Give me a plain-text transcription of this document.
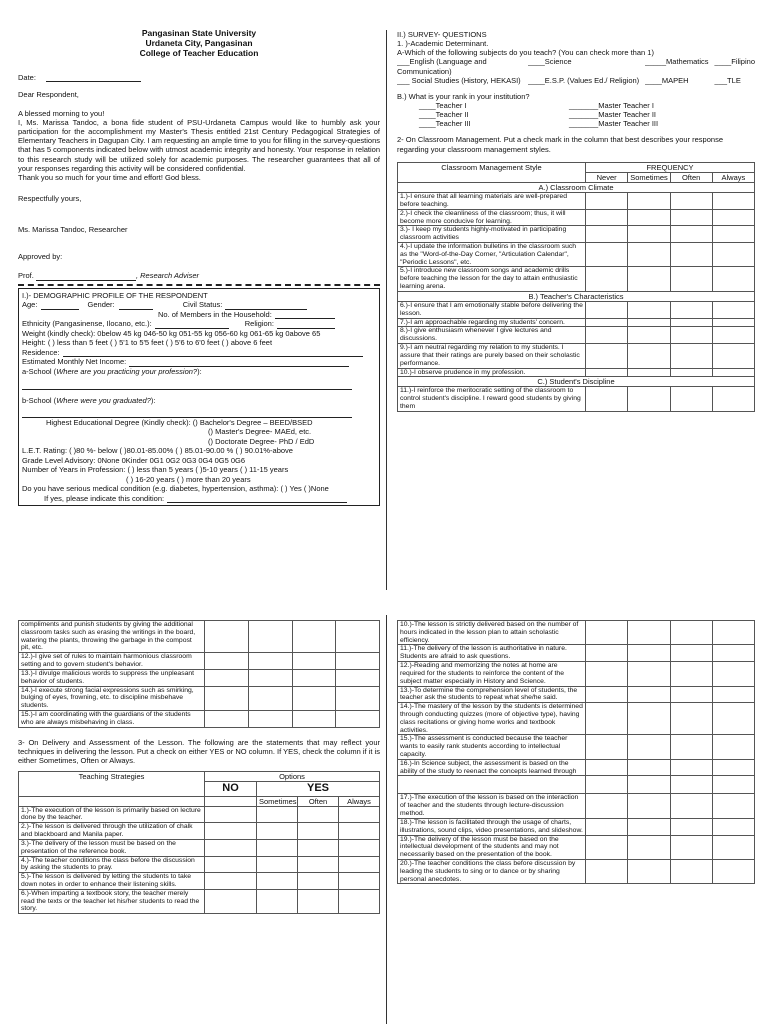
Pangasinan State University
Urdaneta City, Pangasinan
College of Teacher Education
Date:
Dear Respondent,
A blessed morning to you!
I, Ms. Marissa Tandoc, a bona fide student of PSU-Urdaneta Campus would like to humbly ask your participation for the accomplishment my Master's Thesis entitled 21st Century Pedagogical Strategies of Elementary Teachers in Dagupan City. I am requesting an ample time to you for filling in the survey-questions that has 5 components indicated below with utmost academic integrity and honesty. Your response in relation to this research study will be utilized solely for academic purposes. The researcher guarantees that all of your responses regarding this activity will be considered confidential.
Thank you so much for your time and effort! God bless.
Respectfully yours,
Ms. Marissa Tandoc, Researcher
Approved by:
Prof.	, Research Adviser
I.)- DEMOGRAPHIC PROFILE OF THE RESPONDENT
Age:	Gender:	Civil Status:
No. of Members in the Household:
Ethnicity (Pangasinense, Ilocano, etc.):	Religion:
Weight (kindly check): 0below 45 kg 046-50 kg 051-55 kg 056-60 kg 061-65 kg 0above 65
Height: ( ) less than 5 feet ( ) 5'1 to 5'5 feet ( ) 5'6 to 6'0 feet ( ) above 6 feet
Residence:
Estimated Monthly Net Income:
a-School (Where are you practicing your profession?):
b-School (Where were you graduated?):
Highest Educational Degree (Kindly check): () Bachelor's Degree – BEED/BSED
() Master's Degree- MAEd, etc.
() Doctorate Degree- PhD / EdD
L.E.T. Rating: ( )80 %- below ( )80.01-85.00% ( ) 85.01-90.00 % ( ) 90.01%-above
Grade Level Advisory: 0None 0Kinder 0G1 0G2 0G3 0G4 0G5 0G6
Number of Years in Profession: ( ) less than 5 years ( )5-10 years ( ) 11-15 years
( ) 16-20 years ( ) more than 20 years
Do you have serious medical condition (e.g. diabetes, hypertension, asthma): ( ) Yes ( )None
If yes, please indicate this condition:
II.) SURVEY- QUESTIONS
1. )-Academic Determinant.
A-Which of the following subjects do you teach? (You can check more than 1)
___English (Language and Communication)
____Science	_____Mathematics ____Filipino
___ Social Studies (History, HEKASI) ____E.S.P. (Values Ed./ Religion) ____MAPEH	___TLE
B.) What is your rank in your institution?
____Teacher I	_______Master Teacher I
____Teacher II	_______Master Teacher II
____Teacher III	_______Master Teacher III
2- On Classroom Management. Put a check mark in the column that best describes your response regarding your classroom management styles.
Classroom Management Style	FREQUENCY			
	Never	Sometimes	Often	Always
A.) Classroom Climate				
1.)-I ensure that all learning materials are well-prepared before teaching.				
2.)-I check the cleanliness of the classroom; thus, it will become more conducive for learning.				
3.)- I keep my students highly-motivated in participating classroom activities				
4.)-I update the information bulletins in the classroom such as the "Word-of-the-Day Corner, "Articulation Calendar", "Periodic Lessons", etc.				
5.)-I introduce new classroom songs and academic drills before teaching the lesson for the day to attain enthusiastic learning arena.				
B.) Teacher's Characteristics				
6.)-I ensure that I am emotionally stable before delivering the lesson.				
7.)-I am approachable regarding my students' concern.				
8.)-I give enthusiasm whenever I give lectures and discussions.				
9.)-I am neutral regarding my relation to my students. I assure that their ratings are purely based on their scholastic performance.				
10.)-I observe prudence in my profession.				
C.) Student's Discipline				
11.)-I reinforce the meritocratic setting of the classroom to control student's discipline. I reward good students by giving them				
compliments and punish students by giving the additional classroom tasks such as erasing the writings in the board, watering the plants, throwing the garbage in the compost pit, etc.				
12.)-I give set of rules to maintain harmonious classroom setting and to govern student's behavior.				
13.)-I divulge malicious words to suppress the unpleasant behavior of students.				
14.)-I execute strong facial expressions such as smirking, bulging of eyes, frowning, etc. to discipline misbehave students.				
15.)-I am coordinating with the guardians of the students who are always misbehaving in class.				
3- On Delivery and Assessment of the Lesson. The following are the statements that may reflect your techniques in delivering the lesson. Put a check on either YES or NO column. If YES, check the column if it is either Sometimes, Often or Always.
Teaching Strategies	Options			
	NO	YES		
		Sometimes	Often	Always
1.)-The execution of the lesson is primarily based on lecture done by the teacher.				
2.)-The lesson is delivered through the utilization of chalk and blackboard and Manila paper.				
3.)-The delivery of the lesson must be based on the presentation of the reference book.				
4.)-The teacher conditions the class before the discussion by asking the students to pray.				
5.)-The lesson is delivered by letting the students to take down notes in order to enhance their listening skills.				
6.)-When imparting a textbook story, the teacher merely read the texts or the teacher let his/her students to read the story.				
10.)-The lesson is strictly delivered based on the number of hours indicated in the lesson plan to attain scholastic efficiency.				
11.)-The delivery of the lesson is authoritative in nature. Students are afraid to ask questions.				
12.)-Reading and memorizing the notes at home are required for the students to reinforce the content of the subject matter especially in History and Science.				
13.)-To determine the comprehension level of students, the teacher ask the students to repeat what she/he said.				
14.)-The mastery of the lesson by the students is determined through conducting quizzes (more of objective type), having class recitations or giving home works and textbook activities.				
15.)-The assessment is conducted because the teacher wants to easily rank students according to intellectual capacity.				
16.)-In Science subject, the assessment is based on the ability of the study to reenact the concepts learned through				

17.)-The execution of the lesson is based on the interaction of teacher and the students through lecture-discussion method.				
18.)-The lesson is facilitated through the usage of charts, illustrations, sound clips, video presentations, and slideshow.				
19.)-The delivery of the lesson must be based on the intellectual development of the students and may not necessarily based on the presentation of the book.				
20.)-The teacher conditions the class before discussion by leading the students to sing or to dance or by sharing personal anecdotes.				
